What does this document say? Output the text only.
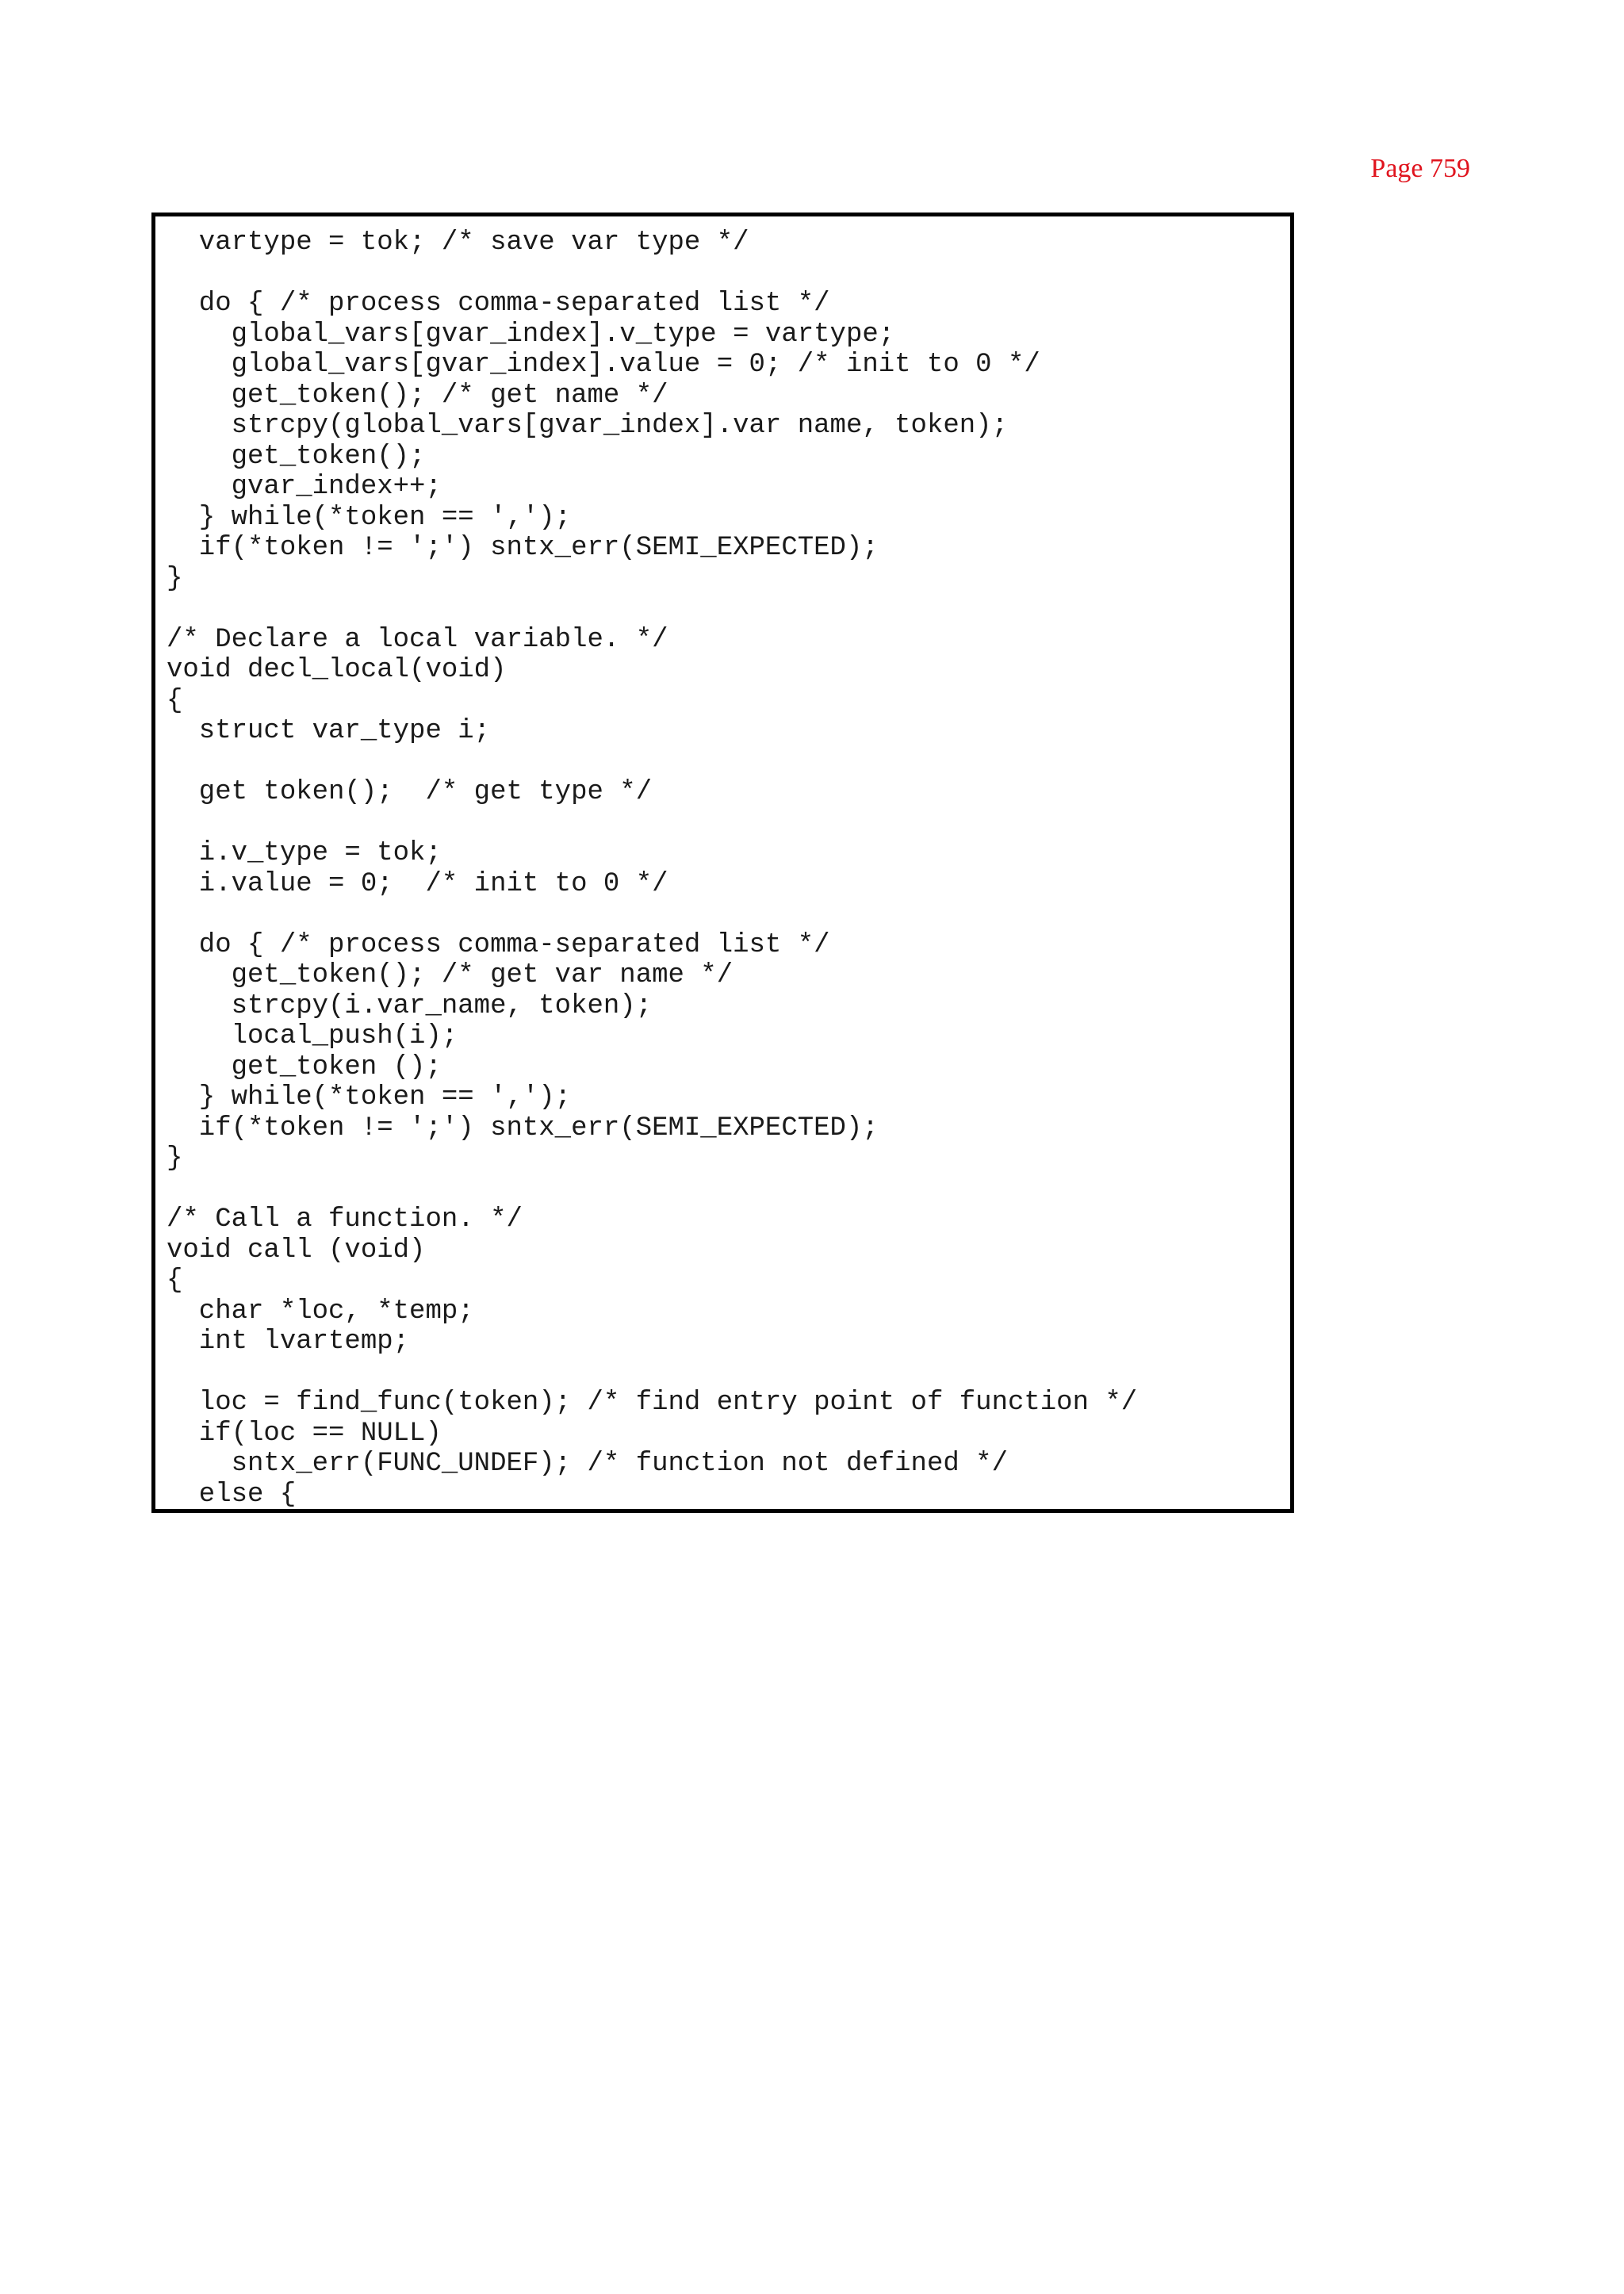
Page 759
vartype = tok; /* save var type */
do { /* process comma-separated list */
global_vars[gvar_index].v_type = vartype;
global_vars[gvar_index].value = 0; /* init to 0 */
get_token(); /* get name */
strcpy(global_vars[gvar_index].var name, token);
get_token();
gvar_index++;
} while(*token == ',');
if(*token != ';') sntx_err(SEMI_EXPECTED);
}
/* Declare a local variable. */
void decl_local(void)
{
struct var_type i;
get token();  /* get type */
i.v_type = tok;
i.value = 0;  /* init to 0 */
do { /* process comma-separated list */
get_token(); /* get var name */
strcpy(i.var_name, token);
local_push(i);
get_token ();
} while(*token == ',');
if(*token != ';') sntx_err(SEMI_EXPECTED);
}
/* Call a function. */
void call (void)
{
char *loc, *temp;
int lvartemp;
loc = find_func(token); /* find entry point of function */
if(loc == NULL)
sntx_err(FUNC_UNDEF); /* function not defined */
else {
